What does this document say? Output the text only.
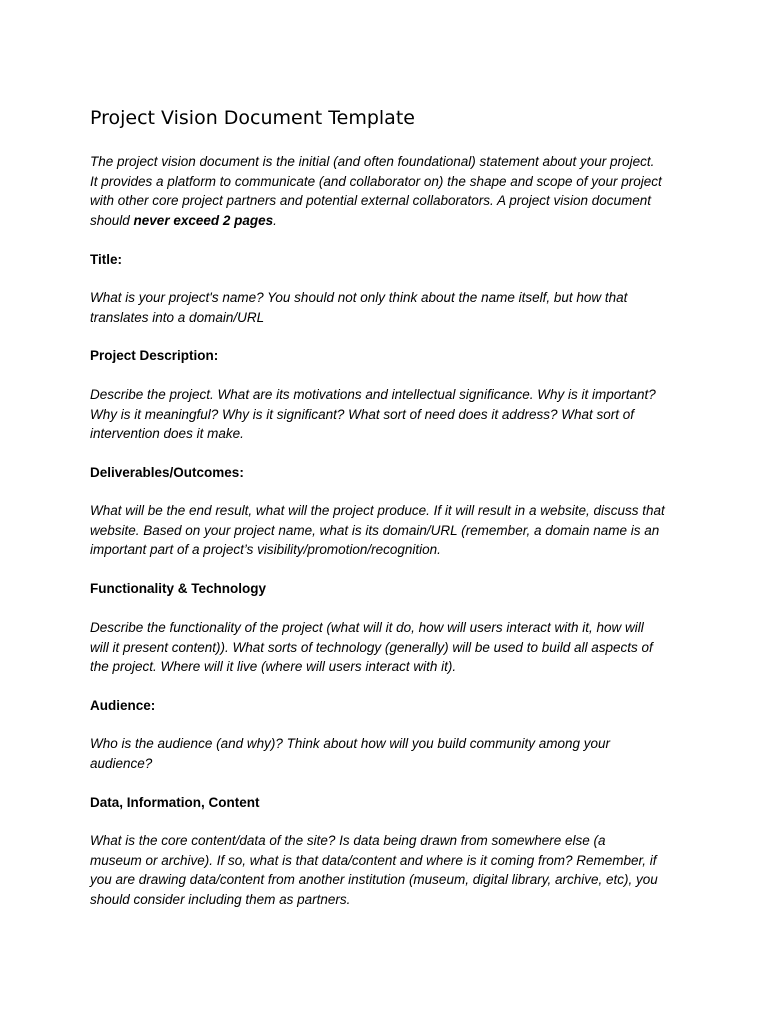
Project Vision Document Template

The project vision document is the initial (and often foundational) statement about your project.
It provides a platform to communicate (and collaborator on) the shape and scope of your project
with other core project partners and potential external collaborators. A project vision document
should never exceed 2 pages.

Title:

What is your project's name? You should not only think about the name itself, but how that
translates into a domain/URL

Project Description:

Describe the project. What are its motivations and intellectual significance. Why is it important?
Why is it meaningful? Why is it significant? What sort of need does it address? What sort of
intervention does it make.

Deliverables/Outcomes:

What will be the end result, what will the project produce. If it will result in a website, discuss that
website. Based on your project name, what is its domain/URL (remember, a domain name is an
important part of a project’s visibility/promotion/recognition.

Functionality & Technology

Describe the functionality of the project (what will it do, how will users interact with it, how will
will it present content)). What sorts of technology (generally) will be used to build all aspects of
the project. Where will it live (where will users interact with it).

Audience:

Who is the audience (and why)? Think about how will you build community among your
audience?

Data, Information, Content

What is the core content/data of the site? Is data being drawn from somewhere else (a
museum or archive). If so, what is that data/content and where is it coming from? Remember, if
you are drawing data/content from another institution (museum, digital library, archive, etc), you
should consider including them as partners.
